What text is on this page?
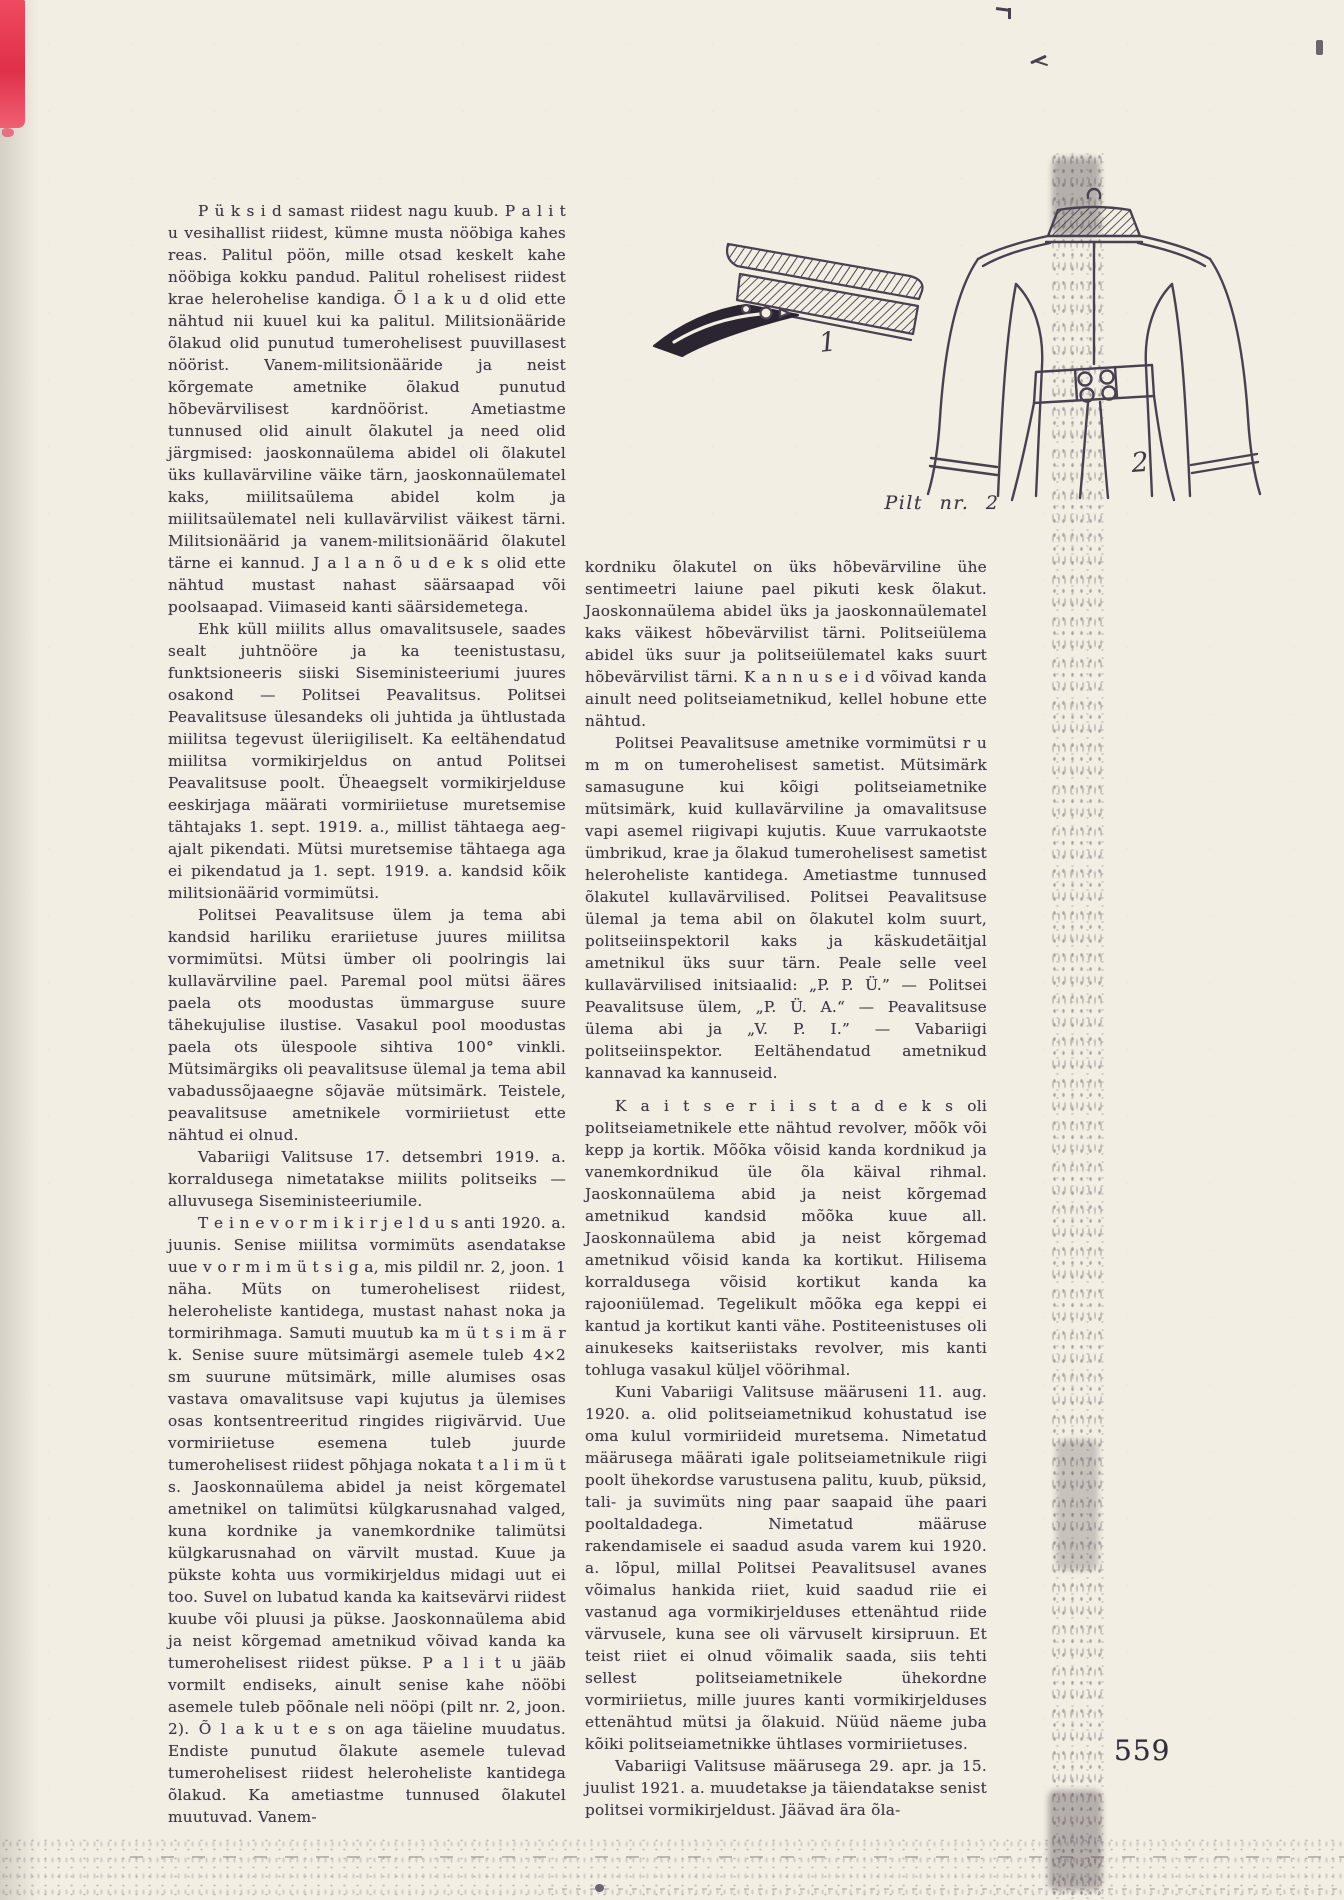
1
2
Pilt nr. 2

P ü k s i d samast riidest nagu kuub. P a l i t u vesihallist riidest, kümne musta nööbiga kahes reas. Palitul pöön, mille otsad keskelt kahe nööbiga kokku pandud. Palitul rohelisest riidest krae helerohelise kandiga. Õ l a k u d olid ette nähtud nii kuuel kui ka palitul. Militsionääride õlakud olid punutud tumerohelisest puuvillasest nöörist. Vanem-militsionääride ja neist kõrgemate ametnike õlakud punutud hõbevärvilisest kardnöörist. Ametiastme tunnused olid ainult õlakutel ja need olid järgmised: jaoskonnaülema abidel oli õlakutel üks kullavärviline väike tärn, jaoskonnaülematel kaks, miilitsaülema abidel kolm ja miilitsaülematel neli kullavärvilist väikest tärni. Militsionäärid ja vanem-militsionäärid õlakutel tärne ei kannud. J a l a n õ u d e k s olid ette nähtud mustast nahast säärsaapad või poolsaapad. Viimaseid kanti säärsidemetega.

Ehk küll miilits allus omavalitsusele, saades sealt juhtnööre ja ka teenistustasu, funktsioneeris siiski Siseministeeriumi juures osakond — Politsei Peavalitsus. Politsei Peavalitsuse ülesandeks oli juhtida ja ühtlustada miilitsa tegevust üleriigiliselt. Ka eeltähendatud miilitsa vormikirjeldus on antud Politsei Peavalitsuse poolt. Üheaegselt vormikirjelduse eeskirjaga määrati vormiriietuse muretsemise tähtajaks 1. sept. 1919. a., millist tähtaega aeg-ajalt pikendati. Mütsi muretsemise tähtaega aga ei pikendatud ja 1. sept. 1919. a. kandsid kõik militsionäärid vormimütsi.

Politsei Peavalitsuse ülem ja tema abi kandsid hariliku erariietuse juures miilitsa vormimütsi. Mütsi ümber oli poolringis lai kullavärviline pael. Paremal pool mütsi ääres paela ots moodustas ümmarguse suure tähekujulise ilustise. Vasakul pool moodustas paela ots ülespoole sihtiva 100° vinkli. Mütsimärgiks oli peavalitsuse ülemal ja tema abil vabadussõjaaegne sõjaväe mütsimärk. Teistele, peavalitsuse ametnikele vormiriietust ette nähtud ei olnud.

Vabariigi Valitsuse 17. detsembri 1919. a. korraldusega nimetatakse miilits politseiks — alluvusega Siseministeeriumile.

T e i n e v o r m i k i r j e l d u s anti 1920. a. juunis. Senise miilitsa vormimüts asendatakse uue v o r m i m ü t s i g a, mis pildil nr. 2, joon. 1 näha. Müts on tumerohelisest riidest, heleroheliste kantidega, mustast nahast noka ja tormirihmaga. Samuti muutub ka m ü t s i m ä r k. Senise suure mütsimärgi asemele tuleb 4×2 sm suurune mütsimärk, mille alumises osas vastava omavalitsuse vapi kujutus ja ülemises osas kontsentreeritud ringides riigivärvid. Uue vormiriietuse esemena tuleb juurde tumerohelisest riidest põhjaga nokata t a l i m ü t s. Jaoskonnaülema abidel ja neist kõrgematel ametnikel on talimütsi külgkarusnahad valged, kuna kordnike ja vanemkordnike talimütsi külgkarusnahad on värvilt mustad. Kuue ja pükste kohta uus vormikirjeldus midagi uut ei too. Suvel on lubatud kanda ka kaitsevärvi riidest kuube või pluusi ja pükse. Jaoskonnaülema abid ja neist kõrgemad ametnikud võivad kanda ka tumerohelisest riidest pükse. P a l i t u jääb vormilt endiseks, ainult senise kahe nööbi asemele tuleb põõnale neli nööpi (pilt nr. 2, joon. 2). Õ l a k u t e s on aga täieline muudatus. Endiste punutud õlakute asemele tulevad tumerohelisest riidest heleroheliste kantidega õlakud. Ka ametiastme tunnused õlakutel muutuvad. Vanem-

kordniku õlakutel on üks hõbevärviline ühe sentimeetri laiune pael pikuti kesk õlakut. Jaoskonnaülema abidel üks ja jaoskonnaülematel kaks väikest hõbevärvilist tärni. Politseiülema abidel üks suur ja politseiülematel kaks suurt hõbevärvilist tärni. K a n n u s e i d võivad kanda ainult need politseiametnikud, kellel hobune ette nähtud.

Politsei Peavalitsuse ametnike vormimütsi r u m m on tumerohelisest sametist. Mütsimärk samasugune kui kõigi politseiametnike mütsimärk, kuid kullavärviline ja omavalitsuse vapi asemel riigivapi kujutis. Kuue varrukaotste ümbrikud, krae ja õlakud tumerohelisest sametist heleroheliste kantidega. Ametiastme tunnused õlakutel kullavärvilised. Politsei Peavalitsuse ülemal ja tema abil on õlakutel kolm suurt, politseiinspektoril kaks ja käskudetäitjal ametnikul üks suur tärn. Peale selle veel kullavärvilised initsiaalid: „P. P. Ü.” — Politsei Peavalitsuse ülem, „P. Ü. A.“ — Peavalitsuse ülema abi ja „V. P. I.” — Vabariigi politseiinspektor. Eeltähendatud ametnikud kannavad ka kannuseid.

K a i t s e r i i s t a d e k s oli politseiametnikele ette nähtud revolver, mõõk või kepp ja kortik. Mõõka võisid kanda kordnikud ja vanemkordnikud üle õla käival rihmal. Jaoskonnaülema abid ja neist kõrgemad ametnikud kandsid mõõka kuue all. Jaoskonnaülema abid ja neist kõrgemad ametnikud võisid kanda ka kortikut. Hilisema korraldusega võisid kortikut kanda ka rajooniülemad. Tegelikult mõõka ega keppi ei kantud ja kortikut kanti vähe. Postiteenistuses oli ainukeseks kaitseriistaks revolver, mis kanti tohluga vasakul küljel vöörihmal.

Kuni Vabariigi Valitsuse määruseni 11. aug. 1920. a. olid politseiametnikud kohustatud ise oma kulul vormiriideid muretsema. Nimetatud määrusega määrati igale politseiametnikule riigi poolt ühekordse varustusena palitu, kuub, püksid, tali- ja suvimüts ning paar saapaid ühe paari pooltaldadega. Nimetatud määruse rakendamisele ei saadud asuda varem kui 1920. a. lõpul, millal Politsei Peavalitsusel avanes võimalus hankida riiet, kuid saadud riie ei vastanud aga vormikirjelduses ettenähtud riide värvusele, kuna see oli värvuselt kirsipruun. Et teist riiet ei olnud võimalik saada, siis tehti sellest politseiametnikele ühekordne vormiriietus, mille juures kanti vormikirjelduses ettenähtud mütsi ja õlakuid. Nüüd näeme juba kõiki politseiametnikke ühtlases vormiriietuses.

Vabariigi Valitsuse määrusega 29. apr. ja 15. juulist 1921. a. muudetakse ja täiendatakse senist politsei vormikirjeldust. Jäävad ära õla-

559
